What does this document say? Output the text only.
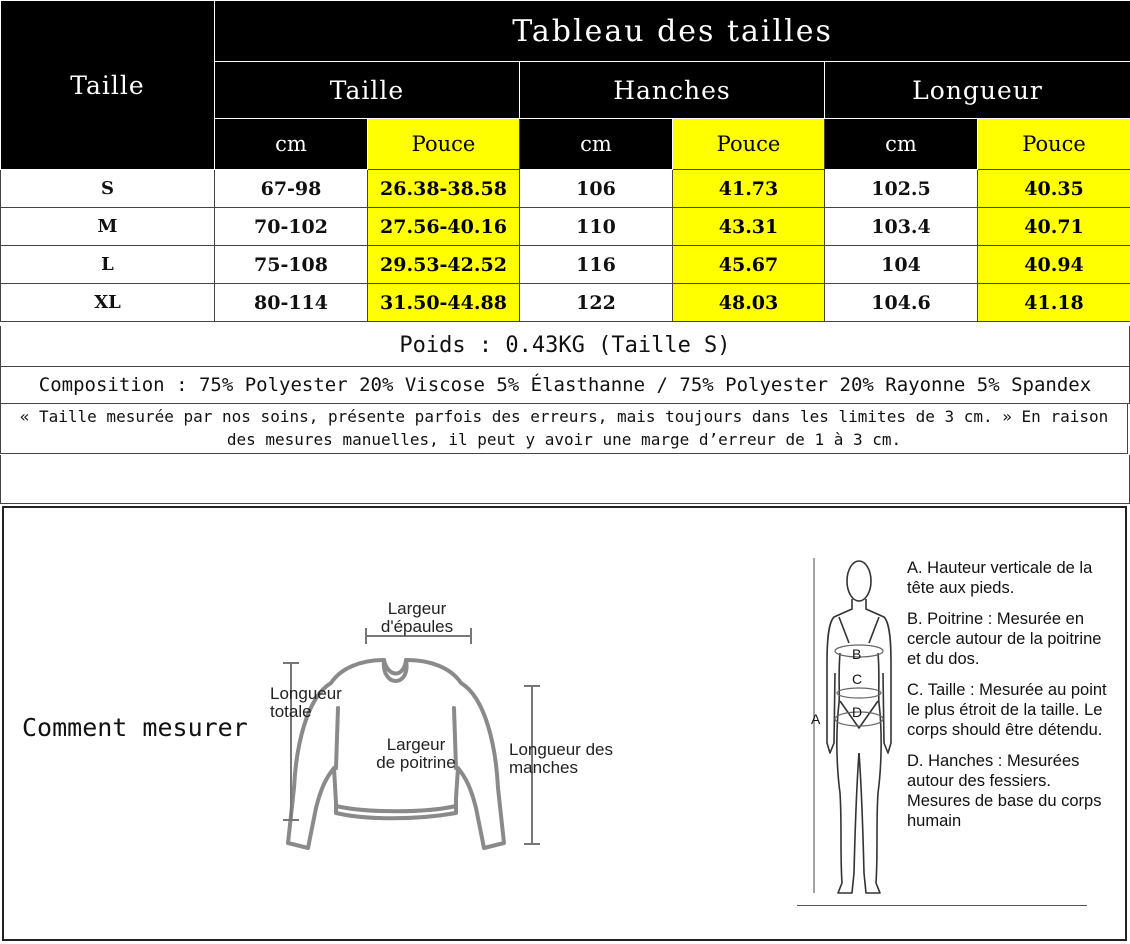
Taille	Tableau des tailles					
	Taille		Hanches		Longueur	
	cm	Pouce	cm	Pouce	cm	Pouce
S	67-98	26.38-38.58	106	41.73	102.5	40.35
M	70-102	27.56-40.16	110	43.31	103.4	40.71
L	75-108	29.53-42.52	116	45.67	104	40.94
XL	80-114	31.50-44.88	122	48.03	104.6	41.18
Poids : 0.43KG (Taille S)
Composition : 75% Polyester 20% Viscose 5% Élasthanne / 75% Polyester 20% Rayonne 5% Spandex
« Taille mesurée par nos soins, présente parfois des erreurs, mais toujours dans les limites de 3 cm. » En raison des mesures manuelles, il peut y avoir une marge d’erreur de 1 à 3 cm.
Comment mesurer
Largeur d'épaules
Longueur totale
Largeur de poitrine
Longueur des manches
B
C
D
A

A. Hauteur verticale de la tête aux pieds.

B. Poitrine : Mesurée en cercle autour de la poitrine et du dos.

C. Taille : Mesurée au point le plus étroit de la taille. Le corps should être détendu.

D. Hanches : Mesurées autour des fessiers. Mesures de base du corps humain
